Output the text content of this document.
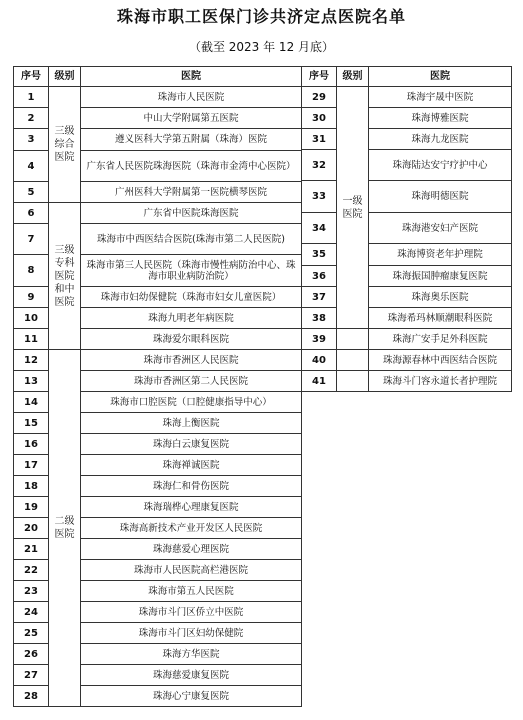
珠海市职工医保门诊共济定点医院名单
（截至 2023 年 12 月底）
序号	级别	医院
1	三级综合医院	珠海市人民医院
2		中山大学附属第五医院
3		遵义医科大学第五附属（珠海）医院
4		广东省人民医院珠海医院（珠海市金湾中心医院）
5		广州医科大学附属第一医院横琴医院
6	三级专科医院和中医院	广东省中医院珠海医院
7		珠海市中西医结合医院(珠海市第二人民医院)
8		珠海市第三人民医院（珠海市慢性病防治中心、珠海市职业病防治院）
9		珠海市妇幼保健院（珠海市妇女儿童医院）
10		珠海九明老年病医院
11		珠海爱尔眼科医院
12	二级医院	珠海市香洲区人民医院
13		珠海市香洲区第二人民医院
14		珠海市口腔医院（口腔健康指导中心）
15		珠海上衡医院
16		珠海白云康复医院
17		珠海禅诚医院
18		珠海仁和骨伤医院
19		珠海瑞桦心理康复医院
20		珠海高新技术产业开发区人民医院
21		珠海慈爱心理医院
22		珠海市人民医院高栏港医院
23		珠海市第五人民医院
24		珠海市斗门区侨立中医院
25		珠海市斗门区妇幼保健院
26		珠海方华医院
27		珠海慈爱康复医院
28		珠海心宁康复医院
序号	级别	医院
29	一级医院	珠海宇晟中医院
30		珠海博雅医院
31		珠海九龙医院
32		珠海陆达安宁疗护中心
33		珠海明德医院
34		珠海港安妇产医院
35		珠海博资老年护理院
36		珠海振国肿瘤康复医院
37		珠海奥乐医院
38		珠海希玛林顺潮眼科医院
39		珠海广安手足外科医院
40		珠海源春林中西医结合医院
41		珠海斗门容永道长者护理院
